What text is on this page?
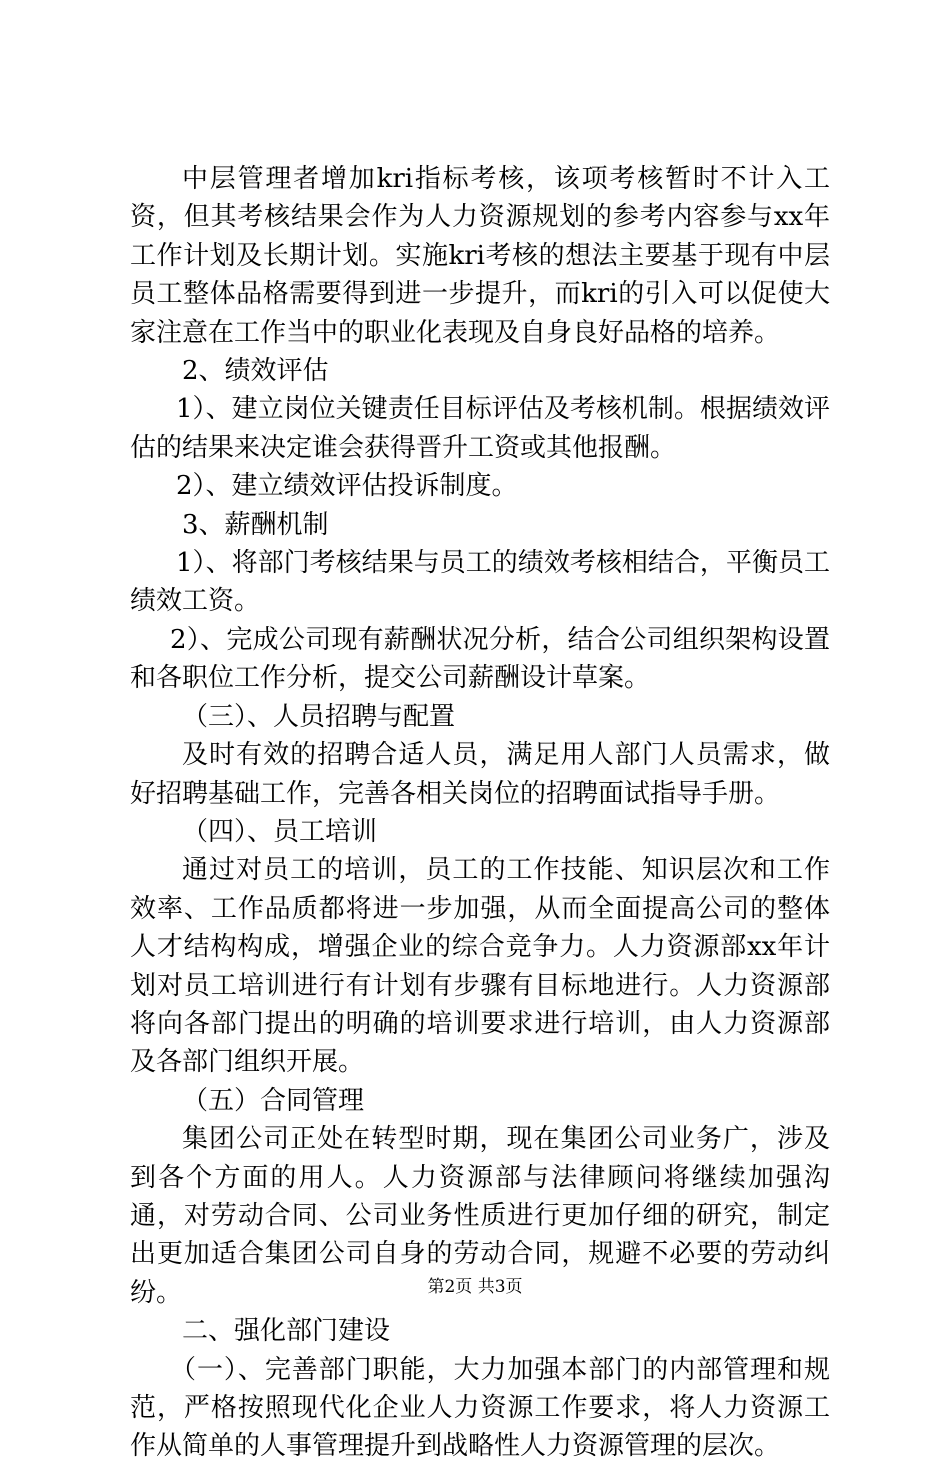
中层管理者增加kri指标考核，该项考核暂时不计入工资，但其考核结果会作为人力资源规划的参考内容参与xx年工作计划及长期计划。实施kri考核的想法主要基于现有中层员工整体品格需要得到进一步提升，而kri的引入可以促使大家注意在工作当中的职业化表现及自身良好品格的培养。

2、绩效评估

1）、建立岗位关键责任目标评估及考核机制。根据绩效评估的结果来决定谁会获得晋升工资或其他报酬。

2）、建立绩效评估投诉制度。

3、薪酬机制

1）、将部门考核结果与员工的绩效考核相结合，平衡员工绩效工资。

2）、完成公司现有薪酬状况分析，结合公司组织架构设置和各职位工作分析，提交公司薪酬设计草案。

（三）、人员招聘与配置

及时有效的招聘合适人员，满足用人部门人员需求，做好招聘基础工作，完善各相关岗位的招聘面试指导手册。

（四）、员工培训

通过对员工的培训，员工的工作技能、知识层次和工作效率、工作品质都将进一步加强，从而全面提高公司的整体人才结构构成，增强企业的综合竞争力。人力资源部xx年计划对员工培训进行有计划有步骤有目标地进行。人力资源部将向各部门提出的明确的培训要求进行培训，由人力资源部及各部门组织开展。

（五）合同管理

集团公司正处在转型时期，现在集团公司业务广，涉及到各个方面的用人。人力资源部与法律顾问将继续加强沟通，对劳动合同、公司业务性质进行更加仔细的研究，制定出更加适合集团公司自身的劳动合同，规避不必要的劳动纠纷。

二、强化部门建设

（一）、完善部门职能，大力加强本部门的内部管理和规范，严格按照现代化企业人力资源工作要求，将人力资源工作从简单的人事管理提升到战略性人力资源管理的层次。

第2页 共3页
